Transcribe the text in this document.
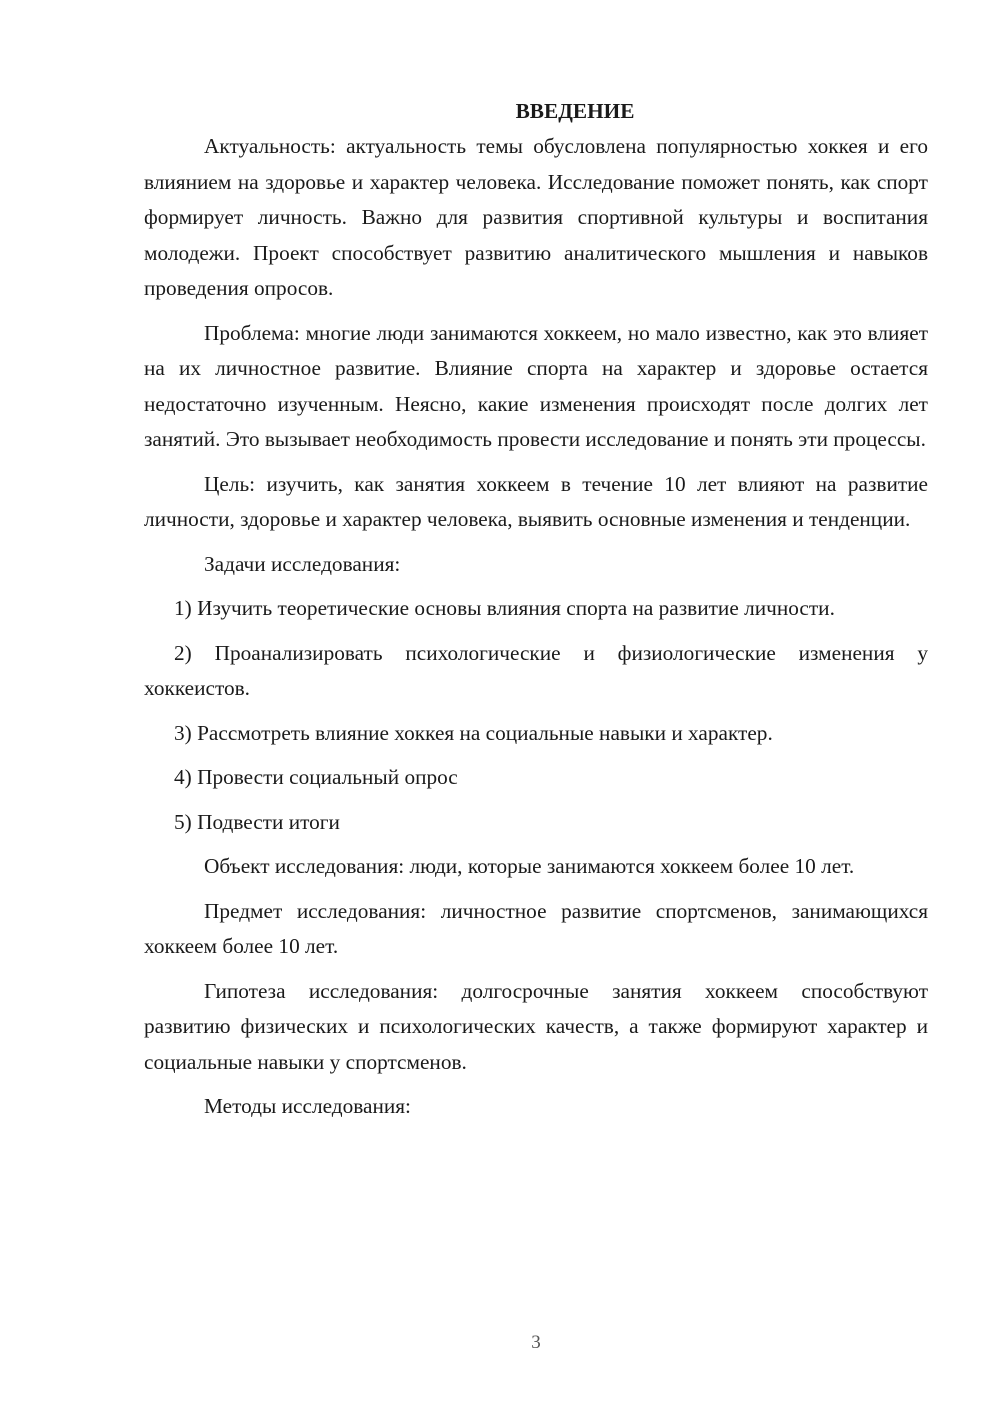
ВВЕДЕНИЕ

Актуальность: актуальность темы обусловлена популярностью хоккея и его влиянием на здоровье и характер человека. Исследование поможет понять, как спорт формирует личность. Важно для развития спортивной культуры и воспитания молодежи. Проект способствует развитию аналитического мышления и навыков проведения опросов.

Проблема: многие люди занимаются хоккеем, но мало известно, как это влияет на их личностное развитие. Влияние спорта на характер и здоровье остается недостаточно изученным. Неясно, какие изменения происходят после долгих лет занятий. Это вызывает необходимость провести исследование и понять эти процессы.

Цель: изучить, как занятия хоккеем в течение 10 лет влияют на развитие личности, здоровье и характер человека, выявить основные изменения и тенденции.

Задачи исследования:

1) Изучить теоретические основы влияния спорта на развитие личности.

2) Проанализировать психологические и физиологические изменения у хоккеистов.

3) Рассмотреть влияние хоккея на социальные навыки и характер.

4) Провести социальный опрос

5) Подвести итоги

Объект исследования: люди, которые занимаются хоккеем более 10 лет.

Предмет исследования: личностное развитие спортсменов, занимающихся хоккеем более 10 лет.

Гипотеза исследования: долгосрочные занятия хоккеем способствуют развитию физических и психологических качеств, а также формируют характер и социальные навыки у спортсменов.

Методы исследования:

3
